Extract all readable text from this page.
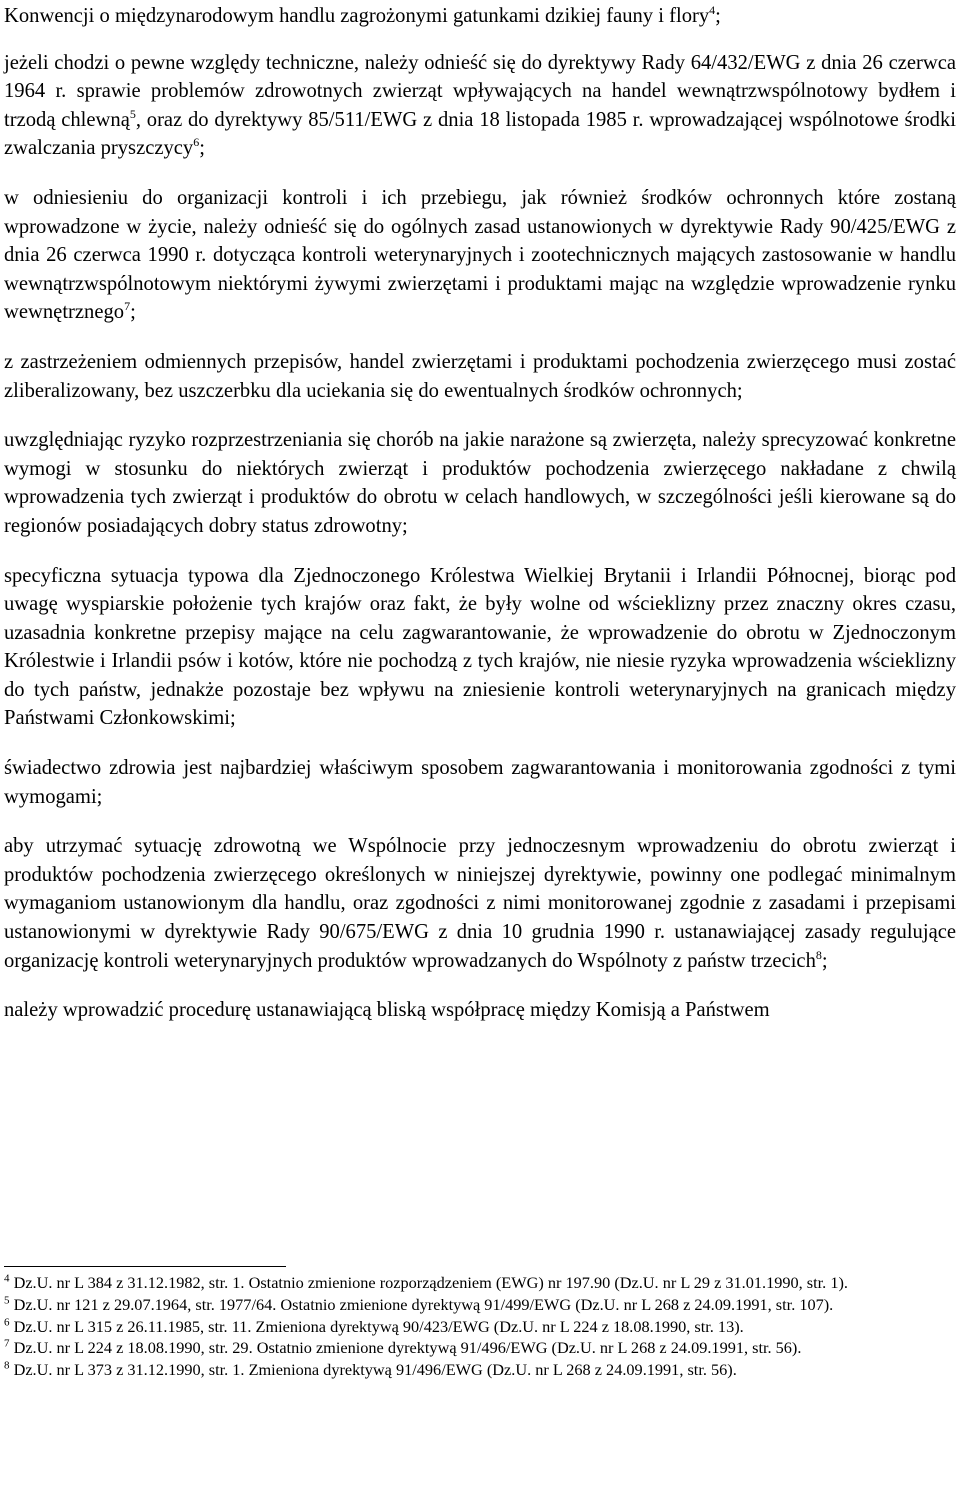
Konwencji o międzynarodowym handlu zagrożonymi gatunkami dzikiej fauny i flory$^4$;

jeżeli chodzi o pewne względy techniczne, należy odnieść się do dyrektywy Rady 64/432/EWG z dnia 26 czerwca 1964 r. sprawie problemów zdrowotnych zwierząt wpływających na handel wewnątrzwspólnotowy bydłem i trzodą chlewną$^5$, oraz do dyrektywy 85/511/EWG z dnia 18 listopada 1985 r. wprowadzającej wspólnotowe środki zwalczania pryszczycy$^6$;

w odniesieniu do organizacji kontroli i ich przebiegu, jak również środków ochronnych które zostaną wprowadzone w życie, należy odnieść się do ogólnych zasad ustanowionych w dyrektywie Rady 90/425/EWG z dnia 26 czerwca 1990 r. dotycząca kontroli weterynaryjnych i zootechnicznych mających zastosowanie w handlu wewnątrzwspólnotowym niektórymi żywymi zwierzętami i produktami mając na względzie wprowadzenie rynku wewnętrznego$^7$;

z zastrzeżeniem odmiennych przepisów, handel zwierzętami i produktami pochodzenia zwierzęcego musi zostać zliberalizowany, bez uszczerbku dla uciekania się do ewentualnych środków ochronnych;

uwzględniając ryzyko rozprzestrzeniania się chorób na jakie narażone są zwierzęta, należy sprecyzować konkretne wymogi w stosunku do niektórych zwierząt i produktów pochodzenia zwierzęcego nakładane z chwilą wprowadzenia tych zwierząt i produktów do obrotu w celach handlowych, w szczególności jeśli kierowane są do regionów posiadających dobry status zdrowotny;

specyficzna sytuacja typowa dla Zjednoczonego Królestwa Wielkiej Brytanii i Irlandii Północnej, biorąc pod uwagę wyspiarskie położenie tych krajów oraz fakt, że były wolne od wścieklizny przez znaczny okres czasu, uzasadnia konkretne przepisy mające na celu zagwarantowanie, że wprowadzenie do obrotu w Zjednoczonym Królestwie i Irlandii psów i kotów, które nie pochodzą z tych krajów, nie niesie ryzyka wprowadzenia wścieklizny do tych państw, jednakże pozostaje bez wpływu na zniesienie kontroli weterynaryjnych na granicach między Państwami Członkowskimi;

świadectwo zdrowia jest najbardziej właściwym sposobem zagwarantowania i monitorowania zgodności z tymi wymogami;

aby utrzymać sytuację zdrowotną we Wspólnocie przy jednoczesnym wprowadzeniu do obrotu zwierząt i produktów pochodzenia zwierzęcego określonych w niniejszej dyrektywie, powinny one podlegać minimalnym wymaganiom ustanowionym dla handlu, oraz zgodności z nimi monitorowanej zgodnie z zasadami i przepisami ustanowionymi w dyrektywie Rady 90/675/EWG z dnia 10 grudnia 1990 r. ustanawiającej zasady regulujące organizację kontroli weterynaryjnych produktów wprowadzanych do Wspólnoty z państw trzecich$^8$;

należy wprowadzić procedurę ustanawiającą bliską współpracę między Komisją a Państwem

$^4$ Dz.U. nr L 384 z 31.12.1982, str. 1. Ostatnio zmienione rozporządzeniem (EWG) nr 197.90 (Dz.U. nr L 29 z 31.01.1990, str. 1).

$^5$ Dz.U. nr 121 z 29.07.1964, str. 1977/64. Ostatnio zmienione dyrektywą 91/499/EWG (Dz.U. nr L 268 z 24.09.1991, str. 107).

$^6$ Dz.U. nr L 315 z 26.11.1985, str. 11. Zmieniona dyrektywą 90/423/EWG (Dz.U. nr L 224 z 18.08.1990, str. 13).

$^7$ Dz.U. nr L 224 z 18.08.1990, str. 29. Ostatnio zmienione dyrektywą 91/496/EWG (Dz.U. nr L 268 z 24.09.1991, str. 56).

$^8$ Dz.U. nr L 373 z 31.12.1990, str. 1. Zmieniona dyrektywą 91/496/EWG (Dz.U. nr L 268 z 24.09.1991, str. 56).
